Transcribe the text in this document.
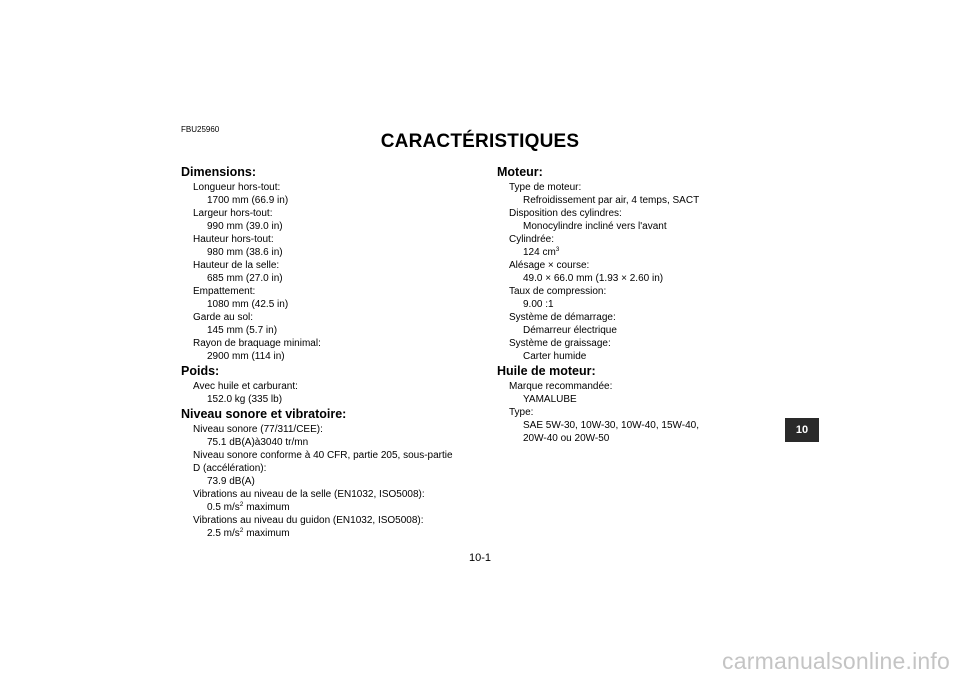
FBU25960
CARACTÉRISTIQUES
Dimensions:
Longueur hors-tout:
1700 mm (66.9 in)
Largeur hors-tout:
990 mm (39.0 in)
Hauteur hors-tout:
980 mm (38.6 in)
Hauteur de la selle:
685 mm (27.0 in)
Empattement:
1080 mm (42.5 in)
Garde au sol:
145 mm (5.7 in)
Rayon de braquage minimal:
2900 mm (114 in)
Poids:
Avec huile et carburant:
152.0 kg (335 lb)
Niveau sonore et vibratoire:
Niveau sonore (77/311/CEE):
75.1 dB(A)à3040 tr/mn
Niveau sonore conforme à 40 CFR, partie 205, sous-partie
D (accélération):
73.9 dB(A)
Vibrations au niveau de la selle (EN1032, ISO5008):
0.5 $m/s^2$ maximum
Vibrations au niveau du guidon (EN1032, ISO5008):
2.5 $m/s^2$ maximum
Moteur:
Type de moteur:
Refroidissement par air, 4 temps, SACT
Disposition des cylindres:
Monocylindre incliné vers l'avant
Cylindrée:
124 $cm^3$
Alésage × course:
49.0 × 66.0 mm (1.93 × 2.60 in)
Taux de compression:
9.00 :1
Système de démarrage:
Démarreur électrique
Système de graissage:
Carter humide
Huile de moteur:
Marque recommandée:
YAMALUBE
Type:
SAE 5W-30, 10W-30, 10W-40, 15W-40,
20W-40 ou 20W-50
10
10-1
carmanualsonline.info
